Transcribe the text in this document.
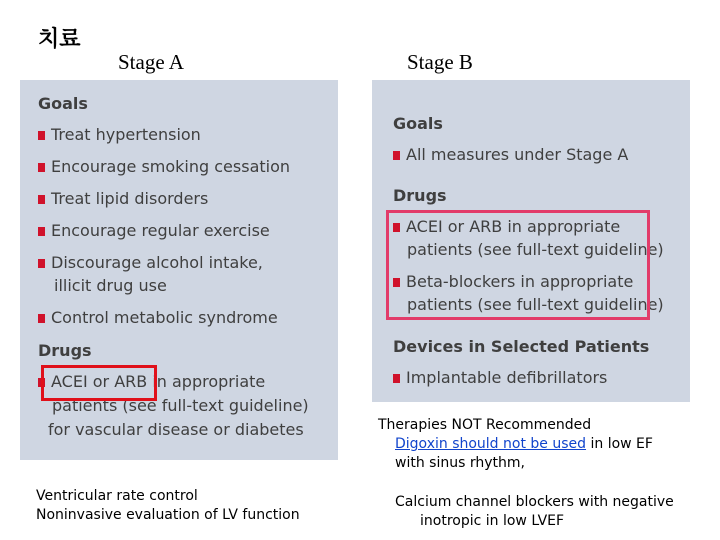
치료
Stage A	Stage B
Goals
Treat hypertension
Encourage smoking cessation
Treat lipid disorders
Encourage regular exercise
Discourage alcohol intake,
illicit drug use
Control metabolic syndrome
Drugs
ACEI or ARB in appropriate
patients (see full-text guideline)
for vascular disease or diabetes
Goals
All measures under Stage A
Drugs
ACEI or ARB in appropriate
patients (see full-text guideline)
Beta-blockers in appropriate
patients (see full-text guideline)
Devices in Selected Patients
Implantable defibrillators
Therapies NOT Recommended
Digoxin should not be used in low EF
with sinus rhythm,
Ventricular rate control
Noninvasive evaluation of LV function
Calcium channel blockers with negative
inotropic in low LVEF
